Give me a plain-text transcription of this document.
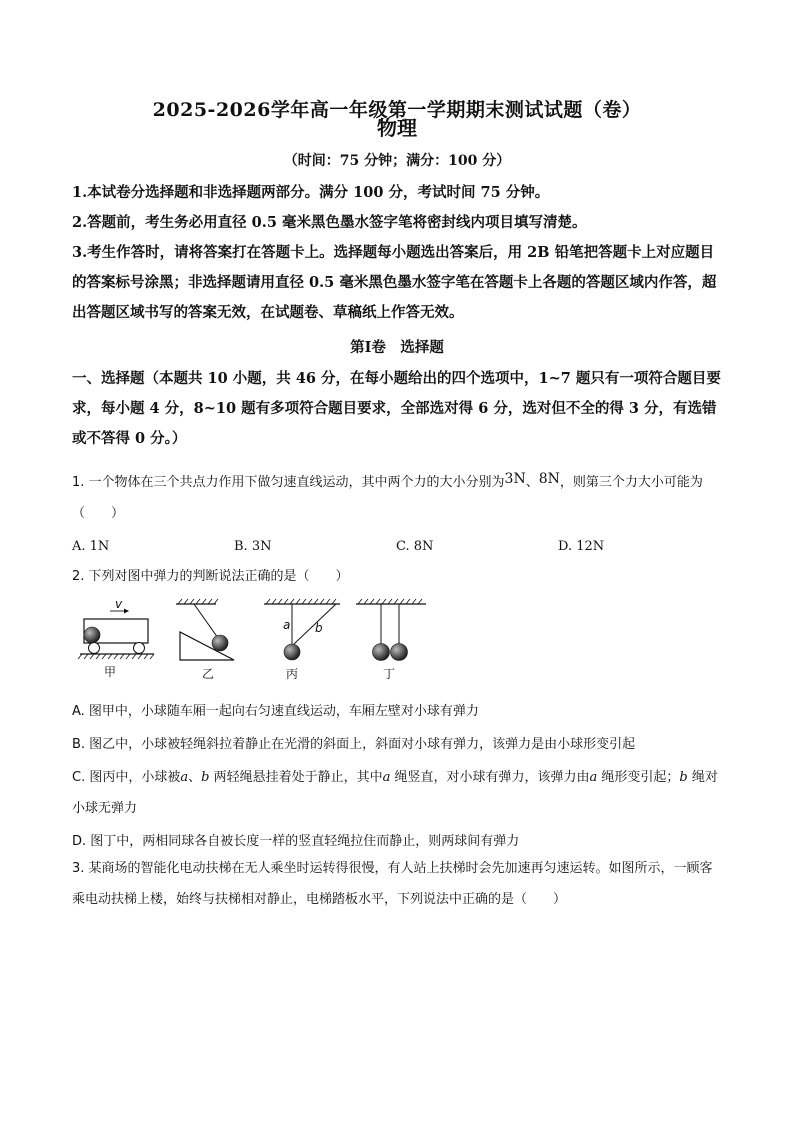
2025-2026学年高一年级第一学期期末测试试题（卷）
物理
（时间：75 分钟；满分：100 分）

1.本试卷分选择题和非选择题两部分。满分 100 分，考试时间 75 分钟。

2.答题前，考生务必用直径 0.5 毫米黑色墨水签字笔将密封线内项目填写清楚。

3.考生作答时，请将答案打在答题卡上。选择题每小题选出答案后，用 2B 铅笔把答题卡上对应题目的答案标号涂黑；非选择题请用直径 0.5 毫米黑色墨水签字笔在答题卡上各题的答题区域内作答，超出答题区域书写的答案无效，在试题卷、草稿纸上作答无效。

第Ⅰ卷　选择题
一、选择题（本题共 10 小题，共 46 分，在每小题给出的四个选项中，1~7 题只有一项符合题目要求，每小题 4 分，8~10 题有多项符合题目要求，全部选对得 6 分，选对但不全的得 3 分，有选错或不答得 0 分。）

1. 一个物体在三个共点力作用下做匀速直线运动，其中两个力的大小分别为3N、8N，则第三个力大小可能为（　　）

A. 1N	B. 3N	C. 8N	D. 12N

2. 下列对图中弹力的判断说法正确的是（　　）

v
甲	乙
a b
丙	丁

A. 图甲中，小球随车厢一起向右匀速直线运动，车厢左壁对小球有弹力

B. 图乙中，小球被轻绳斜拉着静止在光滑的斜面上，斜面对小球有弹力，该弹力是由小球形变引起

C. 图丙中，小球被a、b 两轻绳悬挂着处于静止，其中a 绳竖直，对小球有弹力，该弹力由a 绳形变引起；b 绳对小球无弹力

D. 图丁中，两相同球各自被长度一样的竖直轻绳拉住而静止，则两球间有弹力

3. 某商场的智能化电动扶梯在无人乘坐时运转得很慢，有人站上扶梯时会先加速再匀速运转。如图所示，一顾客乘电动扶梯上楼，始终与扶梯相对静止，电梯踏板水平，下列说法中正确的是（　　）
